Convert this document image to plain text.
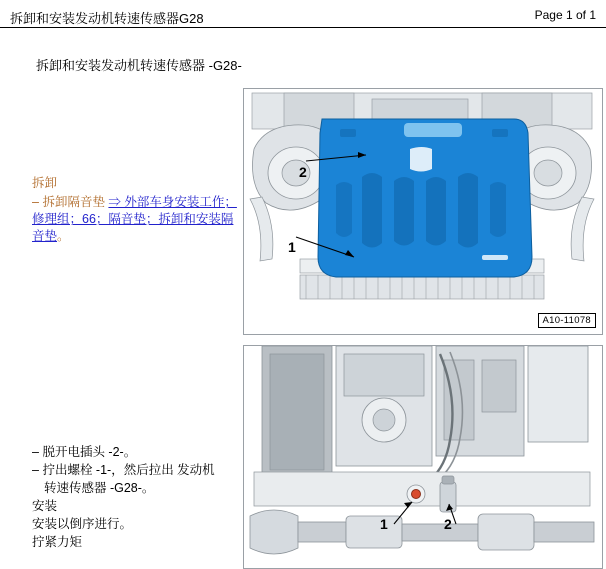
拆卸和安装发动机转速传感器G28	Page 1 of 1
拆卸和安装发动机转速传感器 -G28-
拆卸
– 拆卸隔音垫 ⇒ 外部车身安装工作；修理组；66；隔音垫；拆卸和安装隔音垫。
– 脱开电插头 -2-。
– 拧出螺栓 -1-，然后拉出 发动机
转速传感器 -G28-。
安装
安装以倒序进行。
拧紧力矩
2
1
A10-11078
1	2
